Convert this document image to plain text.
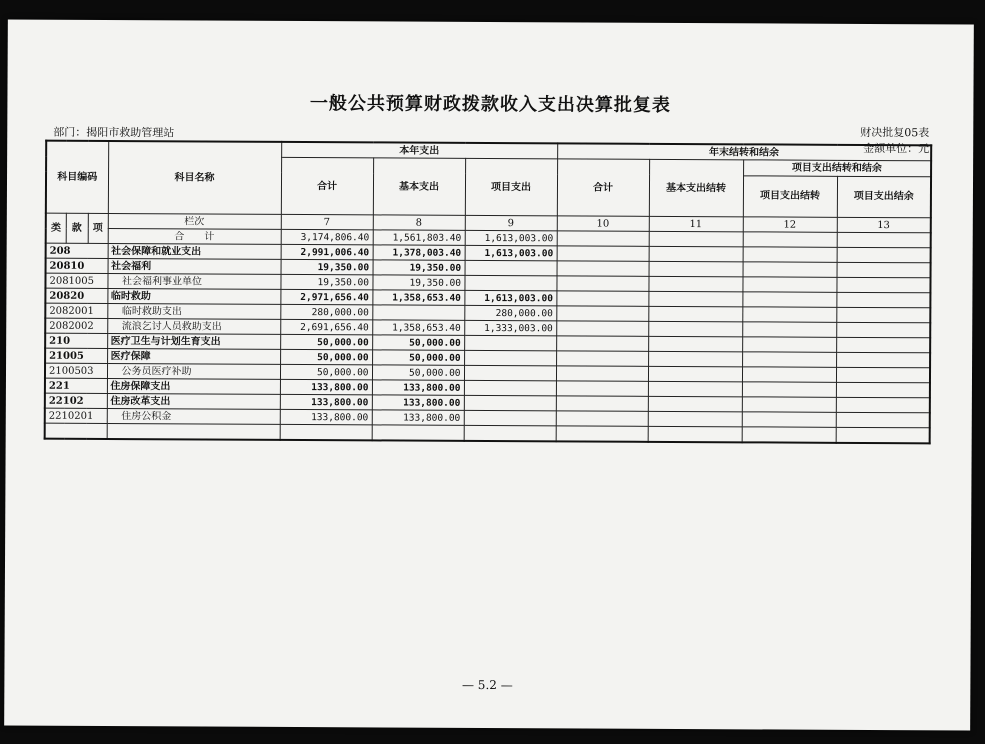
一般公共预算财政拨款收入支出决算批复表
部门：揭阳市救助管理站	财决批复05表
金额单位：元
科目编码			科目名称	本年支出			年末结转和结余			
				合计	基本支出	项目支出	合计	基本支出结转	项目支出结转和结余	
									项目支出结转	项目支出结余
类	款	项	栏次	7	8	9	10	11	12	13
			合　　计	3,174,806.40	1,561,803.40	1,613,003.00				
208			社会保障和就业支出	2,991,006.40	1,378,003.40	1,613,003.00				
20810			社会福利	19,350.00	19,350.00					
2081005			社会福利事业单位	19,350.00	19,350.00					
20820			临时救助	2,971,656.40	1,358,653.40	1,613,003.00				
2082001			临时救助支出	280,000.00		280,000.00				
2082002			流浪乞讨人员救助支出	2,691,656.40	1,358,653.40	1,333,003.00				
210			医疗卫生与计划生育支出	50,000.00	50,000.00					
21005			医疗保障	50,000.00	50,000.00					
2100503			公务员医疗补助	50,000.00	50,000.00					
221			住房保障支出	133,800.00	133,800.00					
22102			住房改革支出	133,800.00	133,800.00					
2210201			住房公积金	133,800.00	133,800.00					

— 5.2 —
